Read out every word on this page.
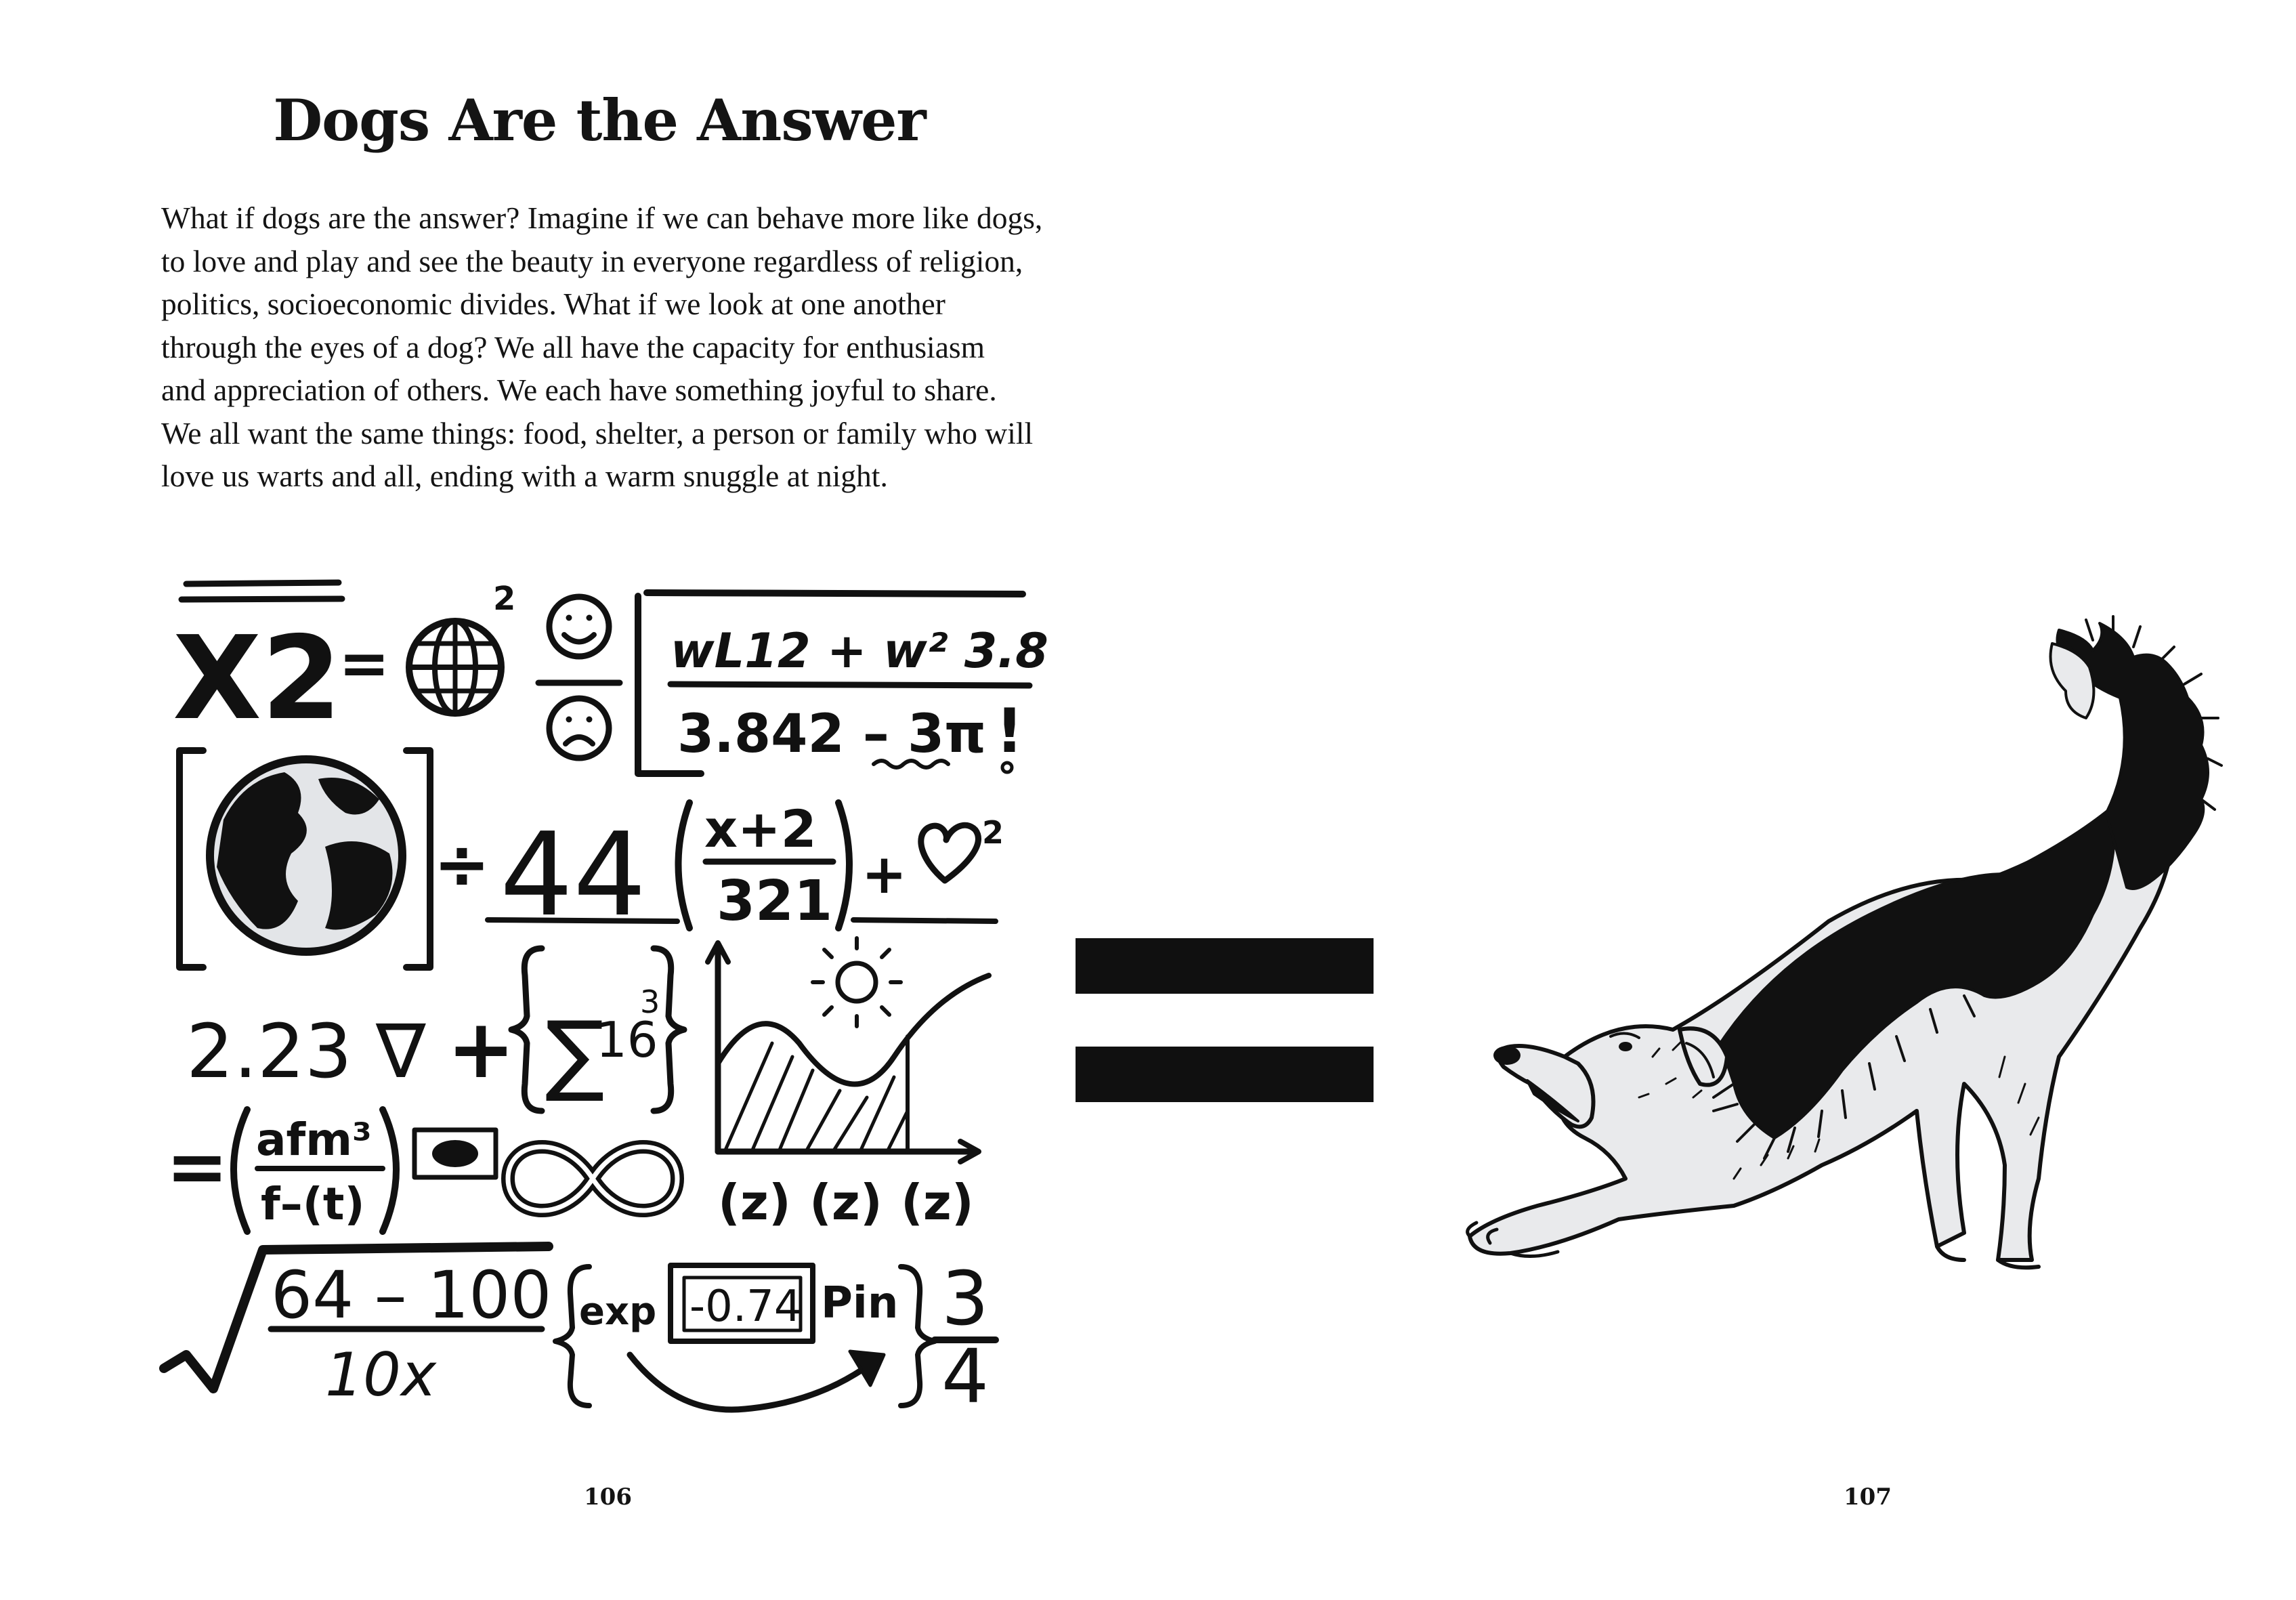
Dogs Are the Answer
What if dogs are the answer? Imagine if we can behave more like dogs,
to love and play and see the beauty in everyone regardless of religion,
politics, socioeconomic divides. What if we look at one another
through the eyes of a dog? We all have the capacity for enthusiasm
and appreciation of others. We each have something joyful to share.
We all want the same things: food, shelter, a person or family who will
love us warts and all, ending with a warm snuggle at night.
X2
=
2
wL12 + w² 3.8
3.842 – 3π !
÷ 44 x+2
321 +
2
2.23 ∇ + ∑
16
3
= afm³
f–(t)	(z) (z) (z)
64 – 100
10x
exp -0.74 Pin 3
4
106	107
